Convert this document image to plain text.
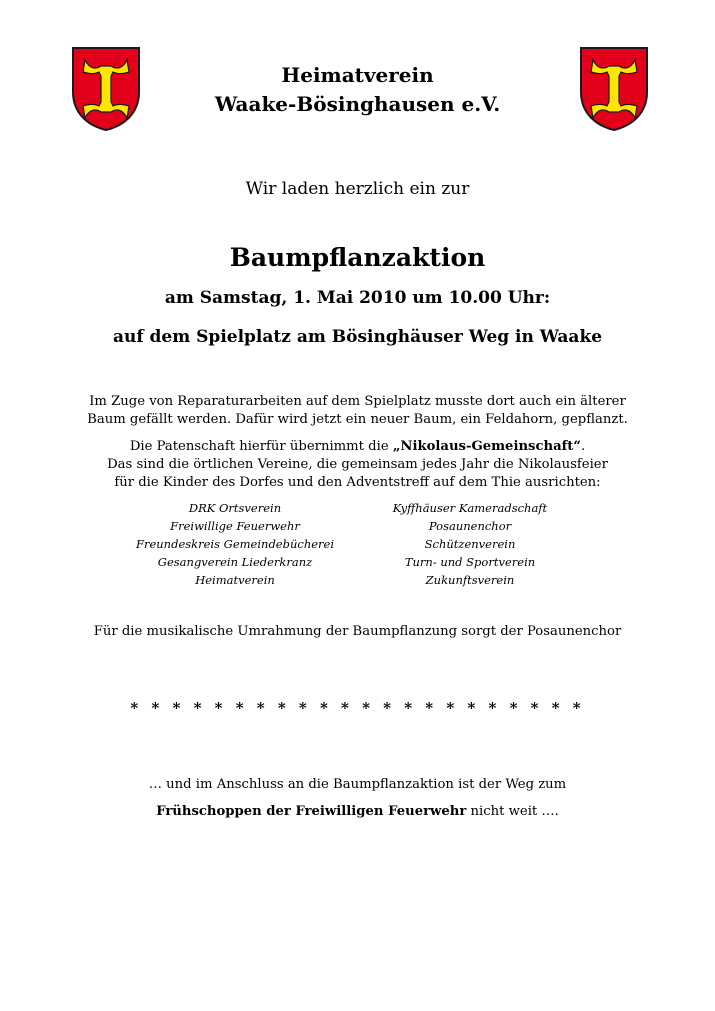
Heimatverein
Waake-Bösinghausen e.V.
Wir laden herzlich ein zur
Baumpflanzaktion
am Samstag, 1. Mai 2010 um 10.00 Uhr:
auf dem Spielplatz am Bösinghäuser Weg in Waake
Im Zuge von Reparaturarbeiten auf dem Spielplatz musste dort auch ein älterer
Baum gefällt werden. Dafür wird jetzt ein neuer Baum, ein Feldahorn, gepflanzt.
Die Patenschaft hierfür übernimmt die „Nikolaus-Gemeinschaft“.
Das sind die örtlichen Vereine, die gemeinsam jedes Jahr die Nikolausfeier
für die Kinder des Dorfes und den Adventstreff auf dem Thie ausrichten:
DRK Ortsverein
Freiwillige Feuerwehr
Freundeskreis Gemeindebücherei
Gesangverein Liederkranz
Heimatverein
Kyffhäuser Kameradschaft
Posaunenchor
Schützenverein
Turn- und Sportverein
Zukunftsverein
Für die musikalische Umrahmung der Baumpflanzung sorgt der Posaunenchor
* * * * * * * * * * * * * * * * * * * * * *
… und im Anschluss an die Baumpflanzaktion ist der Weg zum
Frühschoppen der Freiwilligen Feuerwehr nicht weit ….
